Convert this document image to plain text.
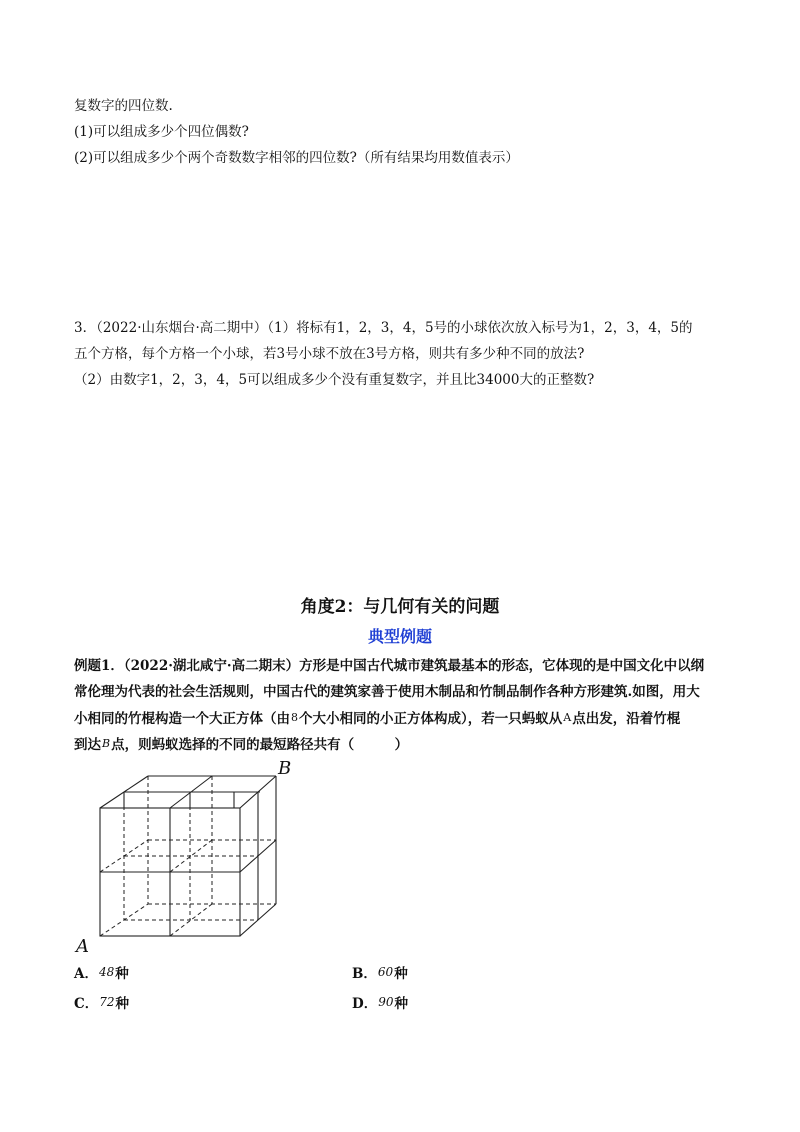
复数字的四位数.
(1)可以组成多少个四位偶数?
(2)可以组成多少个两个奇数数字相邻的四位数?（所有结果均用数值表示）
3．（2022·山东烟台·高二期中）（1）将标有1，2，3，4，5号的小球依次放入标号为1，2，3，4，5的
五个方格，每个方格一个小球，若3号小球不放在3号方格，则共有多少种不同的放法?
（2）由数字1，2，3，4，5可以组成多少个没有重复数字，并且比34000大的正整数?
角度2：与几何有关的问题
典型例题
例题1．（2022·湖北咸宁·高二期末）方形是中国古代城市建筑最基本的形态，它体现的是中国文化中以纲
常伦理为代表的社会生活规则，中国古代的建筑家善于使用木制品和竹制品制作各种方形建筑.如图，用大
小相同的竹棍构造一个大正方体（由8个大小相同的小正方体构成），若一只蚂蚁从A点出发，沿着竹棍
到达B点，则蚂蚁选择的不同的最短路径共有（　　　）
A
B
A．48种	B．60种
C．72种	D．90种
